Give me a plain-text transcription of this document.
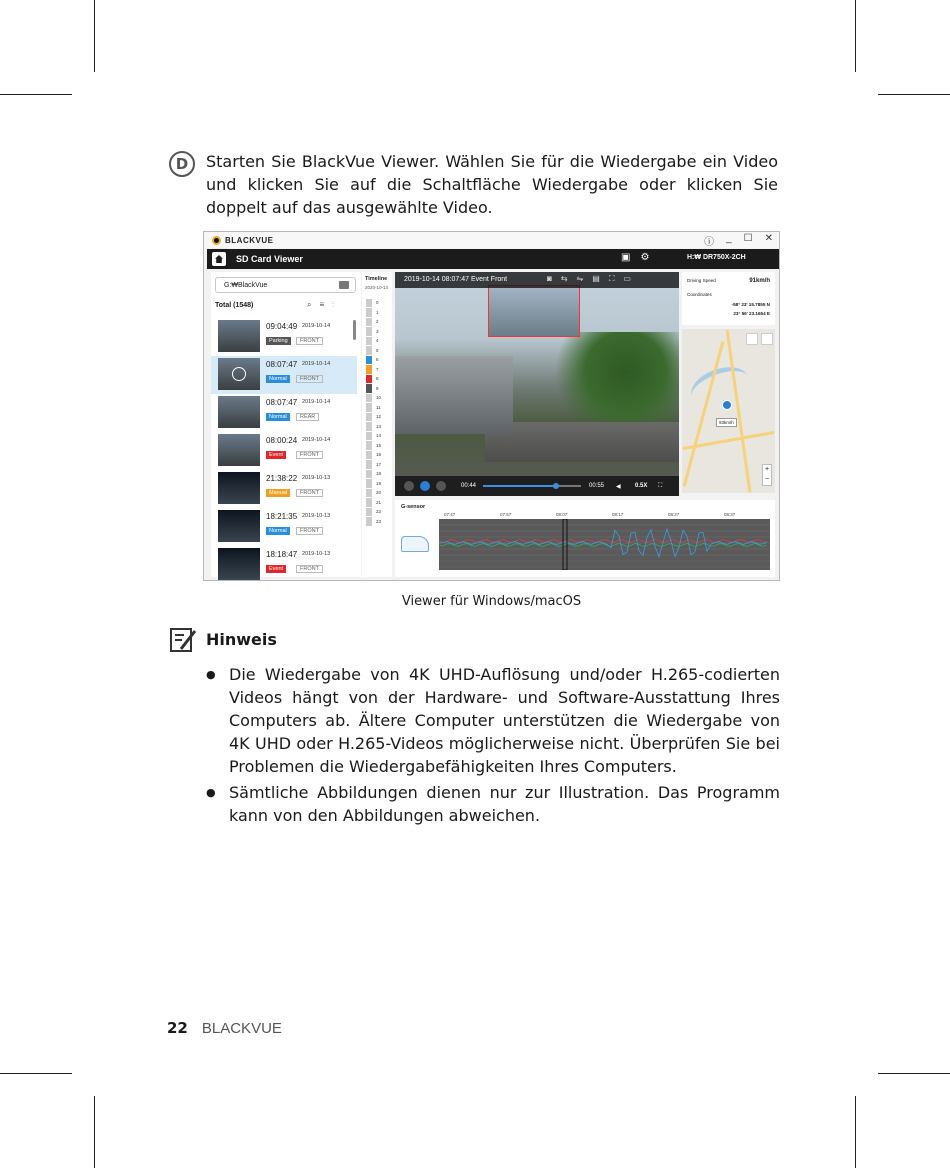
D	Starten Sie BlackVue Viewer. Wählen Sie für die Wiedergabe ein Video und klicken Sie auf die Schaltfläche Wiedergabe oder klicken Sie doppelt auf das ausgewählte Video.

BLACKVUE	ⓘ _ ☐ ✕
SD Card Viewer	▣ ⚙	H:₩ DR750X-2CH
G:₩BlackVue
Total (1548)	⌕≡⋮
09:04:49 2019-10-14
Parking	FRONT
08:07:47 2019-10-14
Normal	FRONT
08:07:47 2019-10-14
Normal	REAR
08:00:24 2019-10-14
Event	FRONT
21:38:22 2019-10-13
Manual	FRONT
18:21:35 2019-10-13
Normal	FRONT
18:18:47 2019-10-13
Event	FRONT
Timeline
2020-10-14
0
1
2
3
4
5
6
7
8
9
10
11
12
13
14
15
16
17
18
19
20
21
22
23
2019-10-14 08:07:47 Event Front	◙⇆⇋▤⛶▭
00:44	00:55 ◀ 0.5X ⛶
Driving Speed	91km/h
Coordinates
-58° 23' 15.7855 N
23° 56' 23.1654 E
93km/h
+
−
G-sensor
07:47	07:57	08:07	08:17	08:27	08:37
Viewer für Windows/macOS
Hinweis
● Die Wiedergabe von 4K UHD-Auflösung und/oder H.265-codierten Videos hängt von der Hardware- und Software-Ausstattung Ihres Computers ab. Ältere Computer unterstützen die Wiedergabe von 4K UHD oder H.265-Videos möglicherweise nicht. Überprüfen Sie bei Problemen die Wiedergabefähigkeiten Ihres Computers.
● Sämtliche Abbildungen dienen nur zur Illustration. Das Programm kann von den Abbildungen abweichen.
22 BLACKVUE
